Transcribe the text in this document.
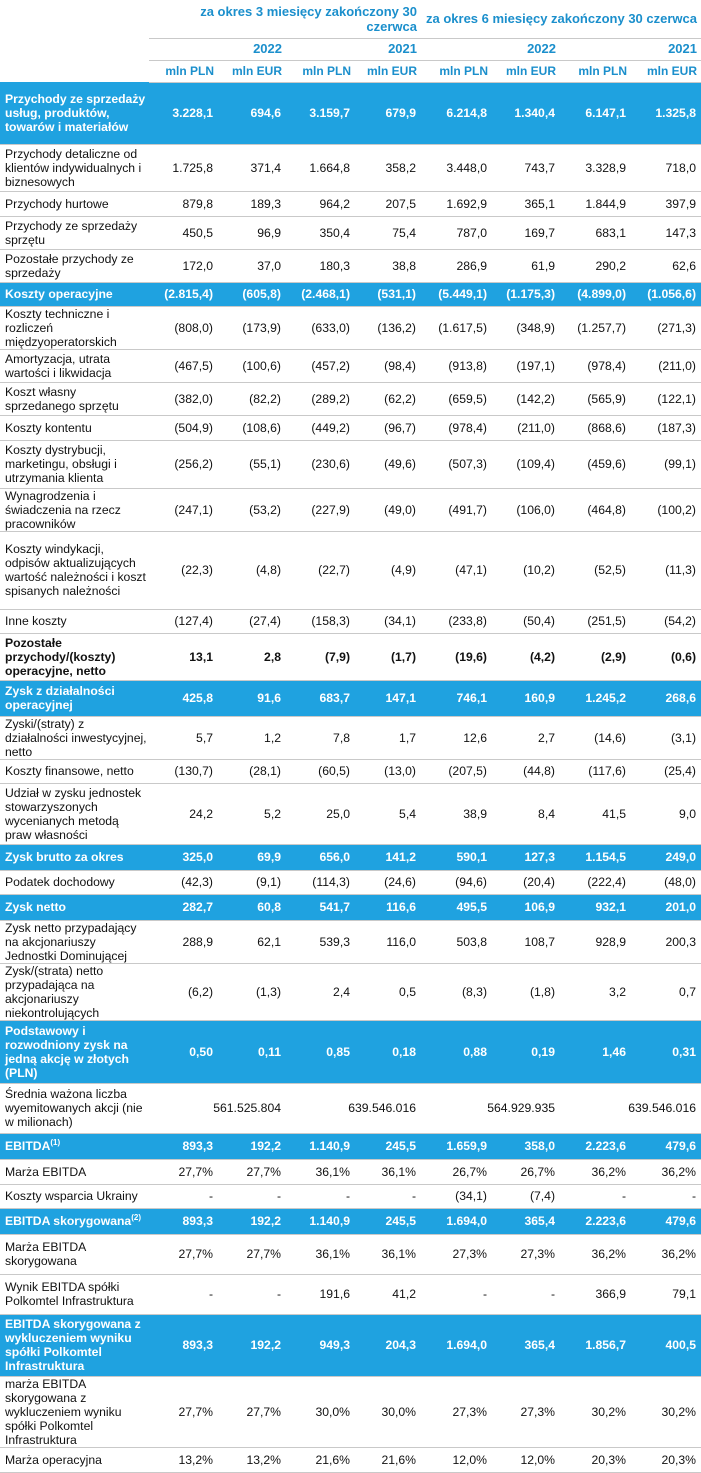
	za okres 3 miesięcy zakończony 30 czerwca				za okres 6 miesięcy zakończony 30 czerwca			
	2022		2021		2022		2021	
	mln PLN	mln EUR	mln PLN	mln EUR	mln PLN	mln EUR	mln PLN	mln EUR
Przychody ze sprzedaży usług, produktów, towarów i materiałów	3.228,1	694,6	3.159,7	679,9	6.214,8	1.340,4	6.147,1	1.325,8
Przychody detaliczne od klientów indywidualnych i biznesowych	1.725,8	371,4	1.664,8	358,2	3.448,0	743,7	3.328,9	718,0
Przychody hurtowe	879,8	189,3	964,2	207,5	1.692,9	365,1	1.844,9	397,9
Przychody ze sprzedaży sprzętu	450,5	96,9	350,4	75,4	787,0	169,7	683,1	147,3
Pozostałe przychody ze sprzedaży	172,0	37,0	180,3	38,8	286,9	61,9	290,2	62,6
Koszty operacyjne	(2.815,4)	(605,8)	(2.468,1)	(531,1)	(5.449,1)	(1.175,3)	(4.899,0)	(1.056,6)
Koszty techniczne i rozliczeń międzyoperatorskich	(808,0)	(173,9)	(633,0)	(136,2)	(1.617,5)	(348,9)	(1.257,7)	(271,3)
Amortyzacja, utrata wartości i likwidacja	(467,5)	(100,6)	(457,2)	(98,4)	(913,8)	(197,1)	(978,4)	(211,0)
Koszt własny sprzedanego sprzętu	(382,0)	(82,2)	(289,2)	(62,2)	(659,5)	(142,2)	(565,9)	(122,1)
Koszty kontentu	(504,9)	(108,6)	(449,2)	(96,7)	(978,4)	(211,0)	(868,6)	(187,3)
Koszty dystrybucji, marketingu, obsługi i utrzymania klienta	(256,2)	(55,1)	(230,6)	(49,6)	(507,3)	(109,4)	(459,6)	(99,1)
Wynagrodzenia i świadczenia na rzecz pracowników	(247,1)	(53,2)	(227,9)	(49,0)	(491,7)	(106,0)	(464,8)	(100,2)
Koszty windykacji, odpisów aktualizujących wartość należności i koszt spisanych należności	(22,3)	(4,8)	(22,7)	(4,9)	(47,1)	(10,2)	(52,5)	(11,3)
Inne koszty	(127,4)	(27,4)	(158,3)	(34,1)	(233,8)	(50,4)	(251,5)	(54,2)
Pozostałe przychody/(koszty) operacyjne, netto	13,1	2,8	(7,9)	(1,7)	(19,6)	(4,2)	(2,9)	(0,6)
Zysk z działalności operacyjnej	425,8	91,6	683,7	147,1	746,1	160,9	1.245,2	268,6
Zyski/(straty) z działalności inwestycyjnej, netto	5,7	1,2	7,8	1,7	12,6	2,7	(14,6)	(3,1)
Koszty finansowe, netto	(130,7)	(28,1)	(60,5)	(13,0)	(207,5)	(44,8)	(117,6)	(25,4)
Udział w zysku jednostek stowarzyszonych wycenianych metodą praw własności	24,2	5,2	25,0	5,4	38,9	8,4	41,5	9,0
Zysk brutto za okres	325,0	69,9	656,0	141,2	590,1	127,3	1.154,5	249,0
Podatek dochodowy	(42,3)	(9,1)	(114,3)	(24,6)	(94,6)	(20,4)	(222,4)	(48,0)
Zysk netto	282,7	60,8	541,7	116,6	495,5	106,9	932,1	201,0
Zysk netto przypadający na akcjonariuszy Jednostki Dominującej	288,9	62,1	539,3	116,0	503,8	108,7	928,9	200,3
Zysk/(strata) netto przypadająca na akcjonariuszy niekontrolujących	(6,2)	(1,3)	2,4	0,5	(8,3)	(1,8)	3,2	0,7
Podstawowy i rozwodniony zysk na jedną akcję w złotych (PLN)	0,50	0,11	0,85	0,18	0,88	0,19	1,46	0,31
Średnia ważona liczba wyemitowanych akcji (nie w milionach)	561.525.804		639.546.016		564.929.935		639.546.016	
EBITDA$^{(1)}$	893,3	192,2	1.140,9	245,5	1.659,9	358,0	2.223,6	479,6
Marża EBITDA	27,7%	27,7%	36,1%	36,1%	26,7%	26,7%	36,2%	36,2%
Koszty wsparcia Ukrainy	-	-	-	-	(34,1)	(7,4)	-	-
EBITDA skorygowana$^{(2)}$	893,3	192,2	1.140,9	245,5	1.694,0	365,4	2.223,6	479,6
Marża EBITDA skorygowana	27,7%	27,7%	36,1%	36,1%	27,3%	27,3%	36,2%	36,2%
Wynik EBITDA spółki Polkomtel Infrastruktura	-	-	191,6	41,2	-	-	366,9	79,1
EBITDA skorygowana z wykluczeniem wyniku spółki Polkomtel Infrastruktura	893,3	192,2	949,3	204,3	1.694,0	365,4	1.856,7	400,5
marża EBITDA skorygowana z wykluczeniem wyniku spółki Polkomtel Infrastruktura	27,7%	27,7%	30,0%	30,0%	27,3%	27,3%	30,2%	30,2%
Marża operacyjna	13,2%	13,2%	21,6%	21,6%	12,0%	12,0%	20,3%	20,3%
